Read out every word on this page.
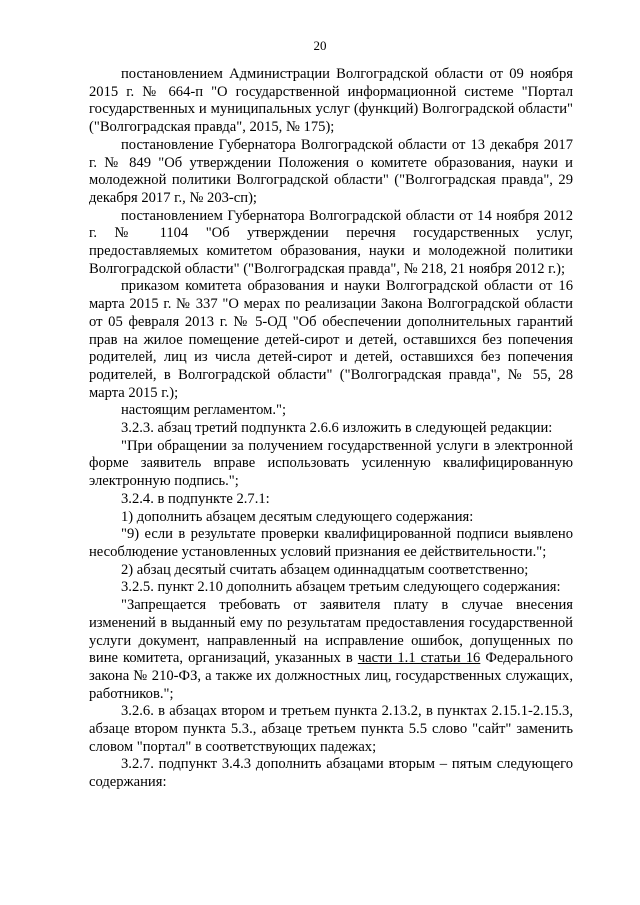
20

постановлением Администрации Волгоградской области от 09 ноября 2015 г. № 664-п "О государственной информационной системе "Портал государственных и муниципальных услуг (функций) Волгоградской области" ("Волгоградская правда", 2015, № 175);

постановление Губернатора Волгоградской области от 13 декабря 2017 г. № 849 "Об утверждении Положения о комитете образования, науки и молодежной политики Волгоградской области" ("Волгоградская правда", 29 декабря 2017 г., № 203-сп);

постановлением Губернатора Волгоградской области от 14 ноября 2012 г. № 1104 "Об утверждении перечня государственных услуг, предоставляемых комитетом образования, науки и молодежной политики Волгоградской области" ("Волгоградская правда", № 218, 21 ноября 2012 г.);

приказом комитета образования и науки Волгоградской области от 16 марта 2015 г. № 337 "О мерах по реализации Закона Волгоградской области от 05 февраля 2013 г. № 5-ОД "Об обеспечении дополнительных гарантий прав на жилое помещение детей-сирот и детей, оставшихся без попечения родителей, лиц из числа детей-сирот и детей, оставшихся без попечения родителей, в Волгоградской области" ("Волгоградская правда", № 55, 28 марта 2015 г.);

настоящим регламентом.";

3.2.3. абзац третий подпункта 2.6.6 изложить в следующей редакции:

"При обращении за получением государственной услуги в электронной форме заявитель вправе использовать усиленную квалифицированную электронную подпись.";

3.2.4. в подпункте 2.7.1:

1) дополнить абзацем десятым следующего содержания:

"9) если в результате проверки квалифицированной подписи выявлено несоблюдение установленных условий признания ее действительности.";

2) абзац десятый считать абзацем одиннадцатым соответственно;

3.2.5. пункт 2.10 дополнить абзацем третьим следующего содержания:

"Запрещается требовать от заявителя плату в случае внесения изменений в выданный ему по результатам предоставления государственной услуги документ, направленный на исправление ошибок, допущенных по вине комитета, организаций, указанных в части 1.1 статьи 16 Федерального закона № 210-ФЗ, а также их должностных лиц, государственных служащих, работников.";

3.2.6. в абзацах втором и третьем пункта 2.13.2, в пунктах 2.15.1-2.15.3, абзаце втором пункта 5.3., абзаце третьем пункта 5.5 слово "сайт" заменить словом "портал" в соответствующих падежах;

3.2.7. подпункт 3.4.3 дополнить абзацами вторым – пятым следующего содержания:
